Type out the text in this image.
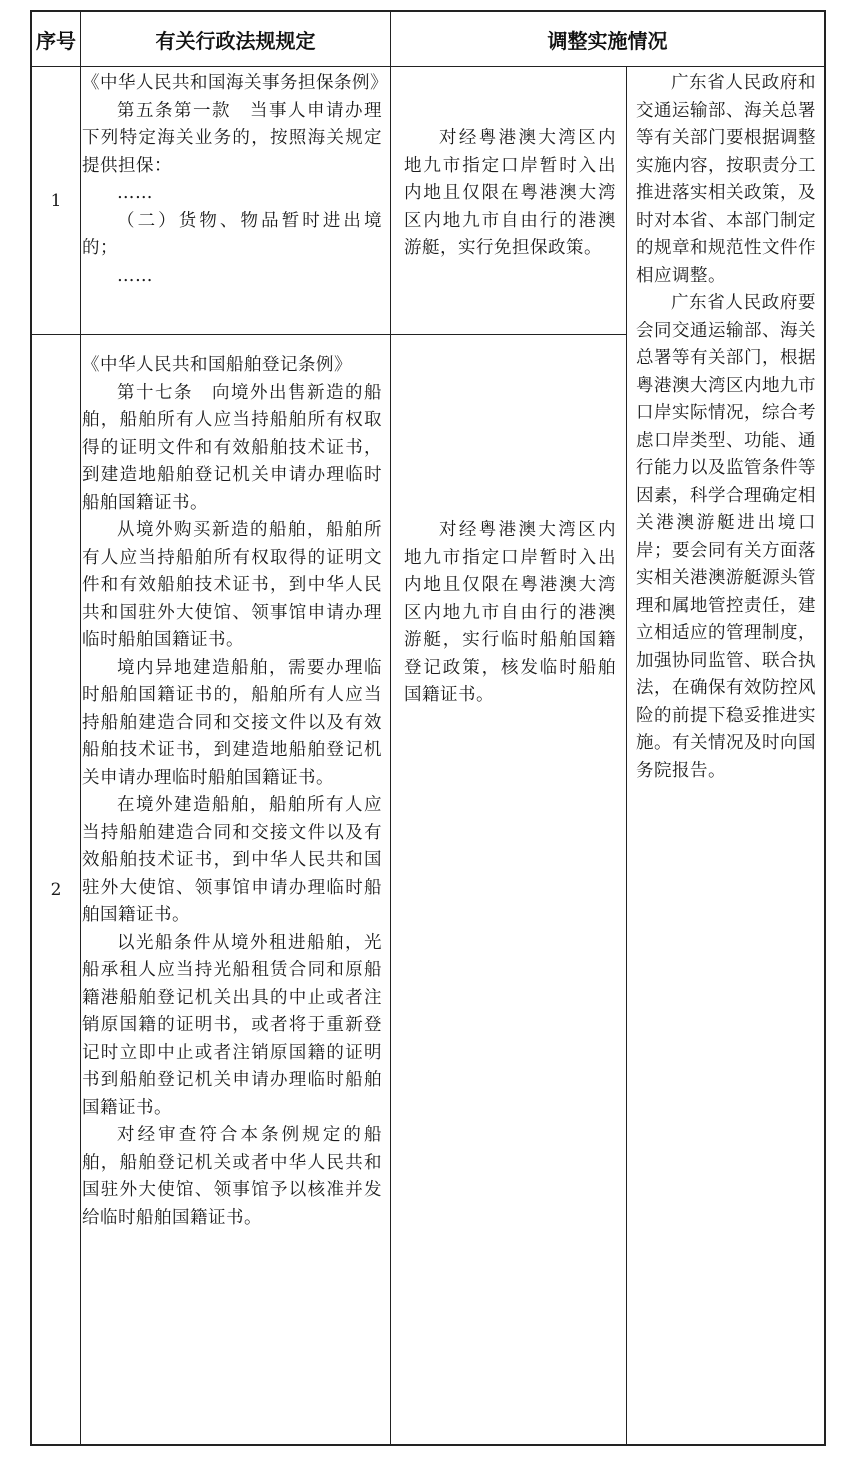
序号	有关行政法规规定	调整实施情况
1

《中华人民共和国海关事务担保条例》

第五条第一款　当事人申请办理下列特定海关业务的，按照海关规定提供担保：

……

（二）货物、物品暂时进出境的；

……

对经粤港澳大湾区内地九市指定口岸暂时入出内地且仅限在粤港澳大湾区内地九市自由行的港澳游艇，实行免担保政策。

2

《中华人民共和国船舶登记条例》

第十七条　向境外出售新造的船舶，船舶所有人应当持船舶所有权取得的证明文件和有效船舶技术证书，到建造地船舶登记机关申请办理临时船舶国籍证书。

从境外购买新造的船舶，船舶所有人应当持船舶所有权取得的证明文件和有效船舶技术证书，到中华人民共和国驻外大使馆、领事馆申请办理临时船舶国籍证书。

境内异地建造船舶，需要办理临时船舶国籍证书的，船舶所有人应当持船舶建造合同和交接文件以及有效船舶技术证书，到建造地船舶登记机关申请办理临时船舶国籍证书。

在境外建造船舶，船舶所有人应当持船舶建造合同和交接文件以及有效船舶技术证书，到中华人民共和国驻外大使馆、领事馆申请办理临时船舶国籍证书。

以光船条件从境外租进船舶，光船承租人应当持光船租赁合同和原船籍港船舶登记机关出具的中止或者注销原国籍的证明书，或者将于重新登记时立即中止或者注销原国籍的证明书到船舶登记机关申请办理临时船舶国籍证书。

对经审查符合本条例规定的船舶，船舶登记机关或者中华人民共和国驻外大使馆、领事馆予以核准并发给临时船舶国籍证书。

对经粤港澳大湾区内地九市指定口岸暂时入出内地且仅限在粤港澳大湾区内地九市自由行的港澳游艇，实行临时船舶国籍登记政策，核发临时船舶国籍证书。

广东省人民政府和交通运输部、海关总署等有关部门要根据调整实施内容，按职责分工推进落实相关政策，及时对本省、本部门制定的规章和规范性文件作相应调整。

广东省人民政府要会同交通运输部、海关总署等有关部门，根据粤港澳大湾区内地九市口岸实际情况，综合考虑口岸类型、功能、通行能力以及监管条件等因素，科学合理确定相关港澳游艇进出境口岸；要会同有关方面落实相关港澳游艇源头管理和属地管控责任，建立相适应的管理制度，加强协同监管、联合执法，在确保有效防控风险的前提下稳妥推进实施。有关情况及时向国务院报告。
